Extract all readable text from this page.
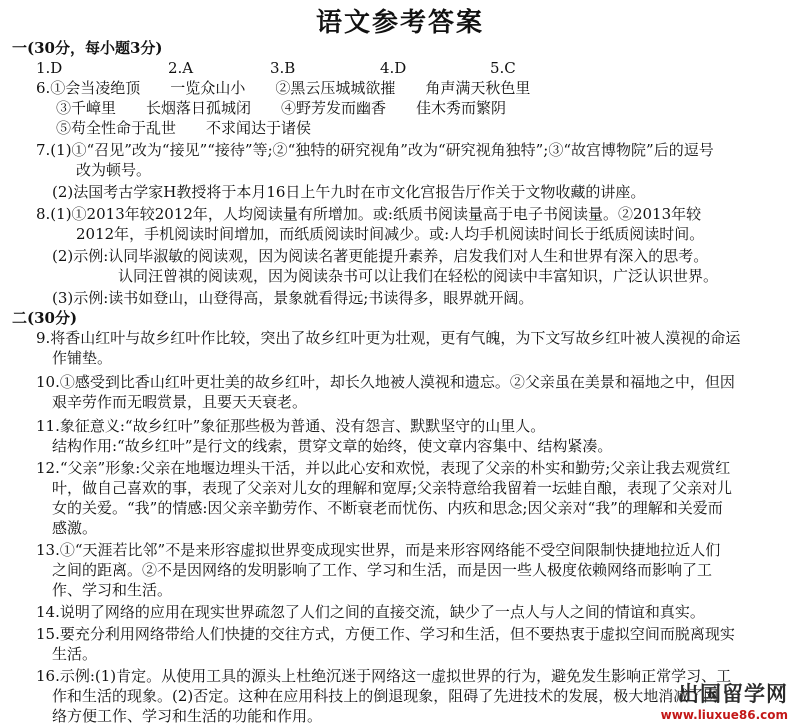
语文参考答案
一(30分，每小题3分)
1.D	2.A	3.B	4.D	5.C
6.①会当凌绝顶　　一览众山小　　②黑云压城城欲摧　　角声满天秋色里
③千嶂里　　长烟落日孤城闭　　④野芳发而幽香　　佳木秀而繁阴
⑤苟全性命于乱世　　不求闻达于诸侯
7.(1)①“召见”改为“接见”“接待”等;②“独特的研究视角”改为“研究视角独特”;③“故宫博物院”后的逗号
改为顿号。
(2)法国考古学家H教授将于本月16日上午九时在市文化宫报告厅作关于文物收藏的讲座。
8.(1)①2013年较2012年，人均阅读量有所增加。或:纸质书阅读量高于电子书阅读量。②2013年较
2012年，手机阅读时间增加，而纸质阅读时间减少。或:人均手机阅读时间长于纸质阅读时间。
(2)示例:认同毕淑敏的阅读观，因为阅读名著更能提升素养，启发我们对人生和世界有深入的思考。
认同汪曾祺的阅读观，因为阅读杂书可以让我们在轻松的阅读中丰富知识，广泛认识世界。
(3)示例:读书如登山，山登得高，景象就看得远;书读得多，眼界就开阔。
二(30分)
9.将香山红叶与故乡红叶作比较，突出了故乡红叶更为壮观，更有气魄，为下文写故乡红叶被人漠视的命运
作铺垫。
10.①感受到比香山红叶更壮美的故乡红叶，却长久地被人漠视和遗忘。②父亲虽在美景和福地之中，但因
艰辛劳作而无暇赏景，且要天天衰老。
11.象征意义:“故乡红叶”象征那些极为普通、没有怨言、默默坚守的山里人。
结构作用:“故乡红叶”是行文的线索，贯穿文章的始终，使文章内容集中、结构紧凑。
12.“父亲”形象:父亲在地堰边埋头干活，并以此心安和欢悦，表现了父亲的朴实和勤劳;父亲让我去观赏红
叶，做自己喜欢的事，表现了父亲对儿女的理解和宽厚;父亲特意给我留着一坛蛙自酿，表现了父亲对儿
女的关爱。“我”的情感:因父亲辛勤劳作、不断衰老而忧伤、内疚和思念;因父亲对“我”的理解和关爱而
感激。
13.①“天涯若比邻”不是来形容虚拟世界变成现实世界，而是来形容网络能不受空间限制快捷地拉近人们
之间的距离。②不是因网络的发明影响了工作、学习和生活，而是因一些人极度依赖网络而影响了工
作、学习和生活。
14.说明了网络的应用在现实世界疏忽了人们之间的直接交流，缺少了一点人与人之间的情谊和真实。
15.要充分利用网络带给人们快捷的交往方式，方便工作、学习和生活，但不要热衷于虚拟空间而脱离现实
生活。
16.示例:(1)肯定。从使用工具的源头上杜绝沉迷于网络这一虚拟世界的行为，避免发生影响正常学习、工
作和生活的现象。(2)否定。这种在应用科技上的倒退现象，阻碍了先进技术的发展，极大地消减了网
络方便工作、学习和生活的功能和作用。
出国留学网
www.liuxue86.com
